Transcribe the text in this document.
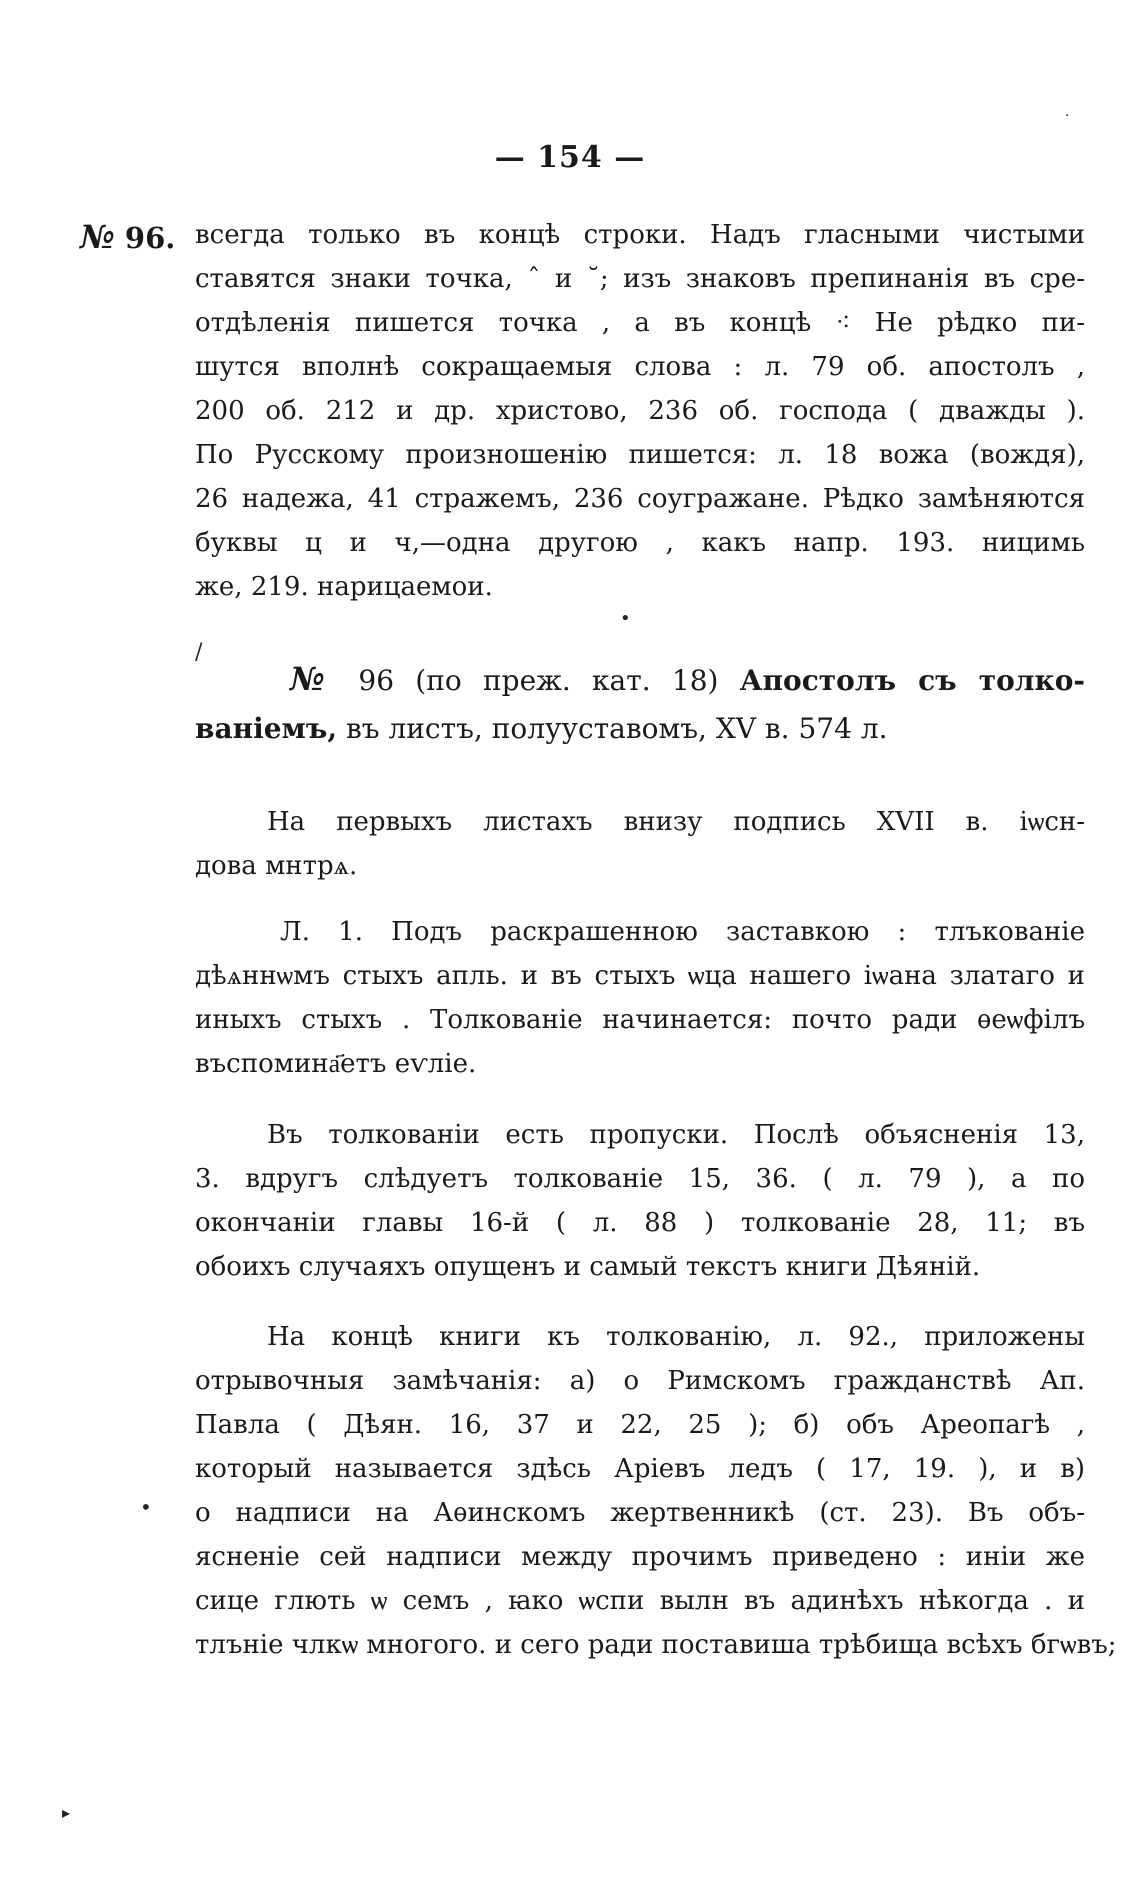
— 154 —
№ 96. всегда только въ концѣ строки. Надъ гласными чистыми
ставятся знаки точка, ˆ и ˘; изъ знаковъ препинанія въ сре-
отдѣленія пишется точка , а въ концѣ ⁖ Не рѣдко пи-
шутся вполнѣ сокращаемыя слова : л. 79 об. апостолъ ,
200 об. 212 и др. христово, 236 об. господа ( дважды ).
По Русскому произношенію пишется: л. 18 вожа (вождя),
26 надежа, 41 стражемъ, 236 соугражане. Рѣдко замѣняются
буквы ц и ч,—одна другою , какъ напр. 193. ницимь
же, 219. нарицаемои.
№ 96 (по преж. кат. 18) Апостолъ съ толко-
ваніемъ, въ листъ, полууставомъ, XV в. 574 л.
На первыхъ листахъ внизу подпись XVII в. іѡсн-
дова мнтрѧ.
Л. 1. Подъ раскрашенною заставкою : тлъкованіе
дѣѧннѡмъ стыхъ апль. и въ стыхъ ѡца нашего іѡана златаго и
иныхъ стыхъ . Толкованіе начинается: почто ради ѳеѡфілъ
въспомина҃етъ еѵліе.
Въ толкованіи есть пропуски. Послѣ объясненія 13,
3. вдругъ слѣдуетъ толкованіе 15, 36. ( л. 79 ), а по
окончаніи главы 16-й ( л. 88 ) толкованіе 28, 11; въ
обоихъ случаяхъ опущенъ и самый текстъ книги Дѣяній.
На концѣ книги къ толкованію, л. 92., приложены
отрывочныя замѣчанія: а) о Римскомъ гражданствѣ Ап.
Павла ( Дѣян. 16, 37 и 22, 25 ); б) объ Ареопагѣ ,
который называется здѣсь Аріевъ ледъ ( 17, 19. ), и в)
о надписи на Аѳинскомъ жертвенникѣ (ст. 23). Въ объ-
ясненіе сей надписи между прочимъ приведено : инiи же
сице глють ѡ семъ , ꙗко ѡспи вылн въ адинѣхъ нѣкогда . и
тлъніе члкѡ многого. и сего ради поставиша трѣбища всѣхъ бгѡвъ;
·
•
/
•
▸
